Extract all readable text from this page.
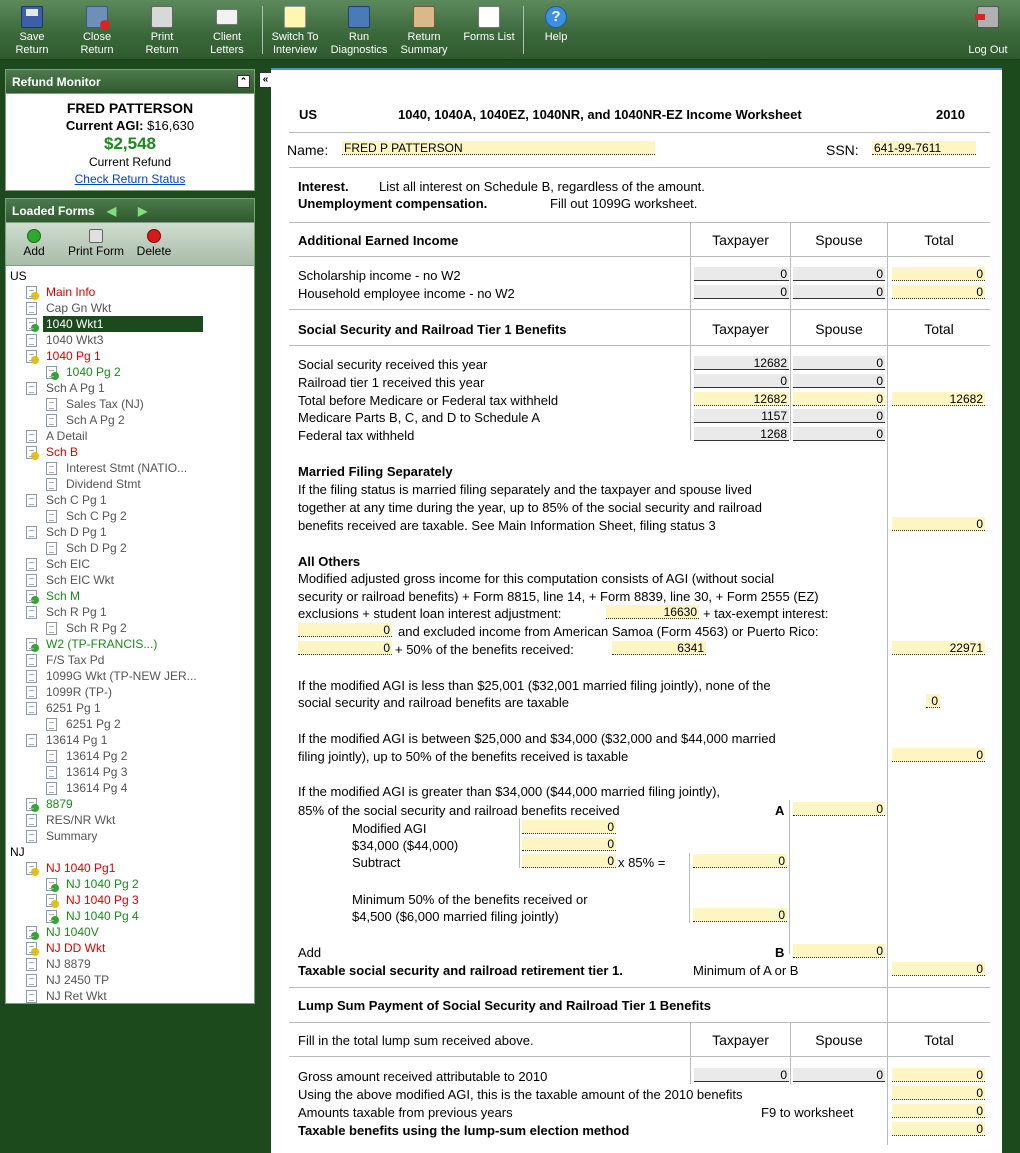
Save
Return
Close
Return
Print
Return
Client
Letters
Switch To
Interview
Run
Diagnostics
Return
Summary
Forms List
?
Help
Log Out
Refund Monitor	⌃
FRED PATTERSON
Current AGI: $16,630
$2,548
Current Refund
Check Return Status
Loaded Forms ◀ ▶
Add	Print Form	Delete
US
Main Info
Cap Gn Wkt
1040 Wkt1
1040 Wkt3
1040 Pg 1
1040 Pg 2
Sch A Pg 1
Sales Tax (NJ)
Sch A Pg 2
A Detail
Sch B
Interest Stmt (NATIO...
Dividend Stmt
Sch C Pg 1
Sch C Pg 2
Sch D Pg 1
Sch D Pg 2
Sch EIC
Sch EIC Wkt
Sch M
Sch R Pg 1
Sch R Pg 2
W2 (TP-FRANCIS...)
F/S Tax Pd
1099G Wkt (TP-NEW JER...
1099R (TP-)
6251 Pg 1
6251 Pg 2
13614 Pg 1
13614 Pg 2
13614 Pg 3
13614 Pg 4
8879
RES/NR Wkt
Summary
NJ
NJ 1040 Pg1
NJ 1040 Pg 2
NJ 1040 Pg 3
NJ 1040 Pg 4
NJ 1040V
NJ DD Wkt
NJ 8879
NJ 2450 TP
NJ Ret Wkt
«
US	1040, 1040A, 1040EZ, 1040NR, and 1040NR-EZ Income Worksheet	2010
Name: FRED P PATTERSON	SSN: 641-99-7611
Interest. List all interest on Schedule B, regardless of the amount.
Unemployment compensation.	Fill out 1099G worksheet.
Additional Earned Income	Taxpayer	Spouse	Total
Scholarship income - no W2	0	0	0
Household employee income - no W2	0	0	0
Social Security and Railroad Tier 1 Benefits	Taxpayer	Spouse	Total
Social security received this year	12682	0
Railroad tier 1 received this year	0	0
Total before Medicare or Federal tax withheld	12682	0	12682
Medicare Parts B, C, and D to Schedule A	1157	0
Federal tax withheld	1268	0
Married Filing Separately
If the filing status is married filing separately and the taxpayer and spouse lived
together at any time during the year, up to 85% of the social security and railroad
benefits received are taxable. See Main Information Sheet, filing status 3	0
All Others
Modified adjusted gross income for this computation consists of AGI (without social
security or railroad benefits) + Form 8815, line 14, + Form 8839, line 30, + Form 2555 (EZ)
exclusions + student loan interest adjustment:	16630 + tax-exempt interest:
0 and excluded income from American Samoa (Form 4563) or Puerto Rico:
0 + 50% of the benefits received:	6341	22971
If the modified AGI is less than $25,001 ($32,001 married filing jointly), none of the
social security and railroad benefits are taxable	0
If the modified AGI is between $25,000 and $34,000 ($32,000 and $44,000 married
filing jointly), up to 50% of the benefits received is taxable	0
If the modified AGI is greater than $34,000 ($44,000 married filing jointly),
85% of the social security and railroad benefits received	A	0
Modified AGI	0
$34,000 ($44,000)	0
Subtract	0 x 85% =	0
Minimum 50% of the benefits received or
$4,500 ($6,000 married filing jointly)	0
Add	B	0
Taxable social security and railroad retirement tier 1.	Minimum of A or B	0
Lump Sum Payment of Social Security and Railroad Tier 1 Benefits
Fill in the total lump sum received above.	Taxpayer	Spouse	Total
Gross amount received attributable to 2010	0	0	0
Using the above modified AGI, this is the taxable amount of the 2010 benefits	0
Amounts taxable from previous years	F9 to worksheet	0
Taxable benefits using the lump-sum election method	0
